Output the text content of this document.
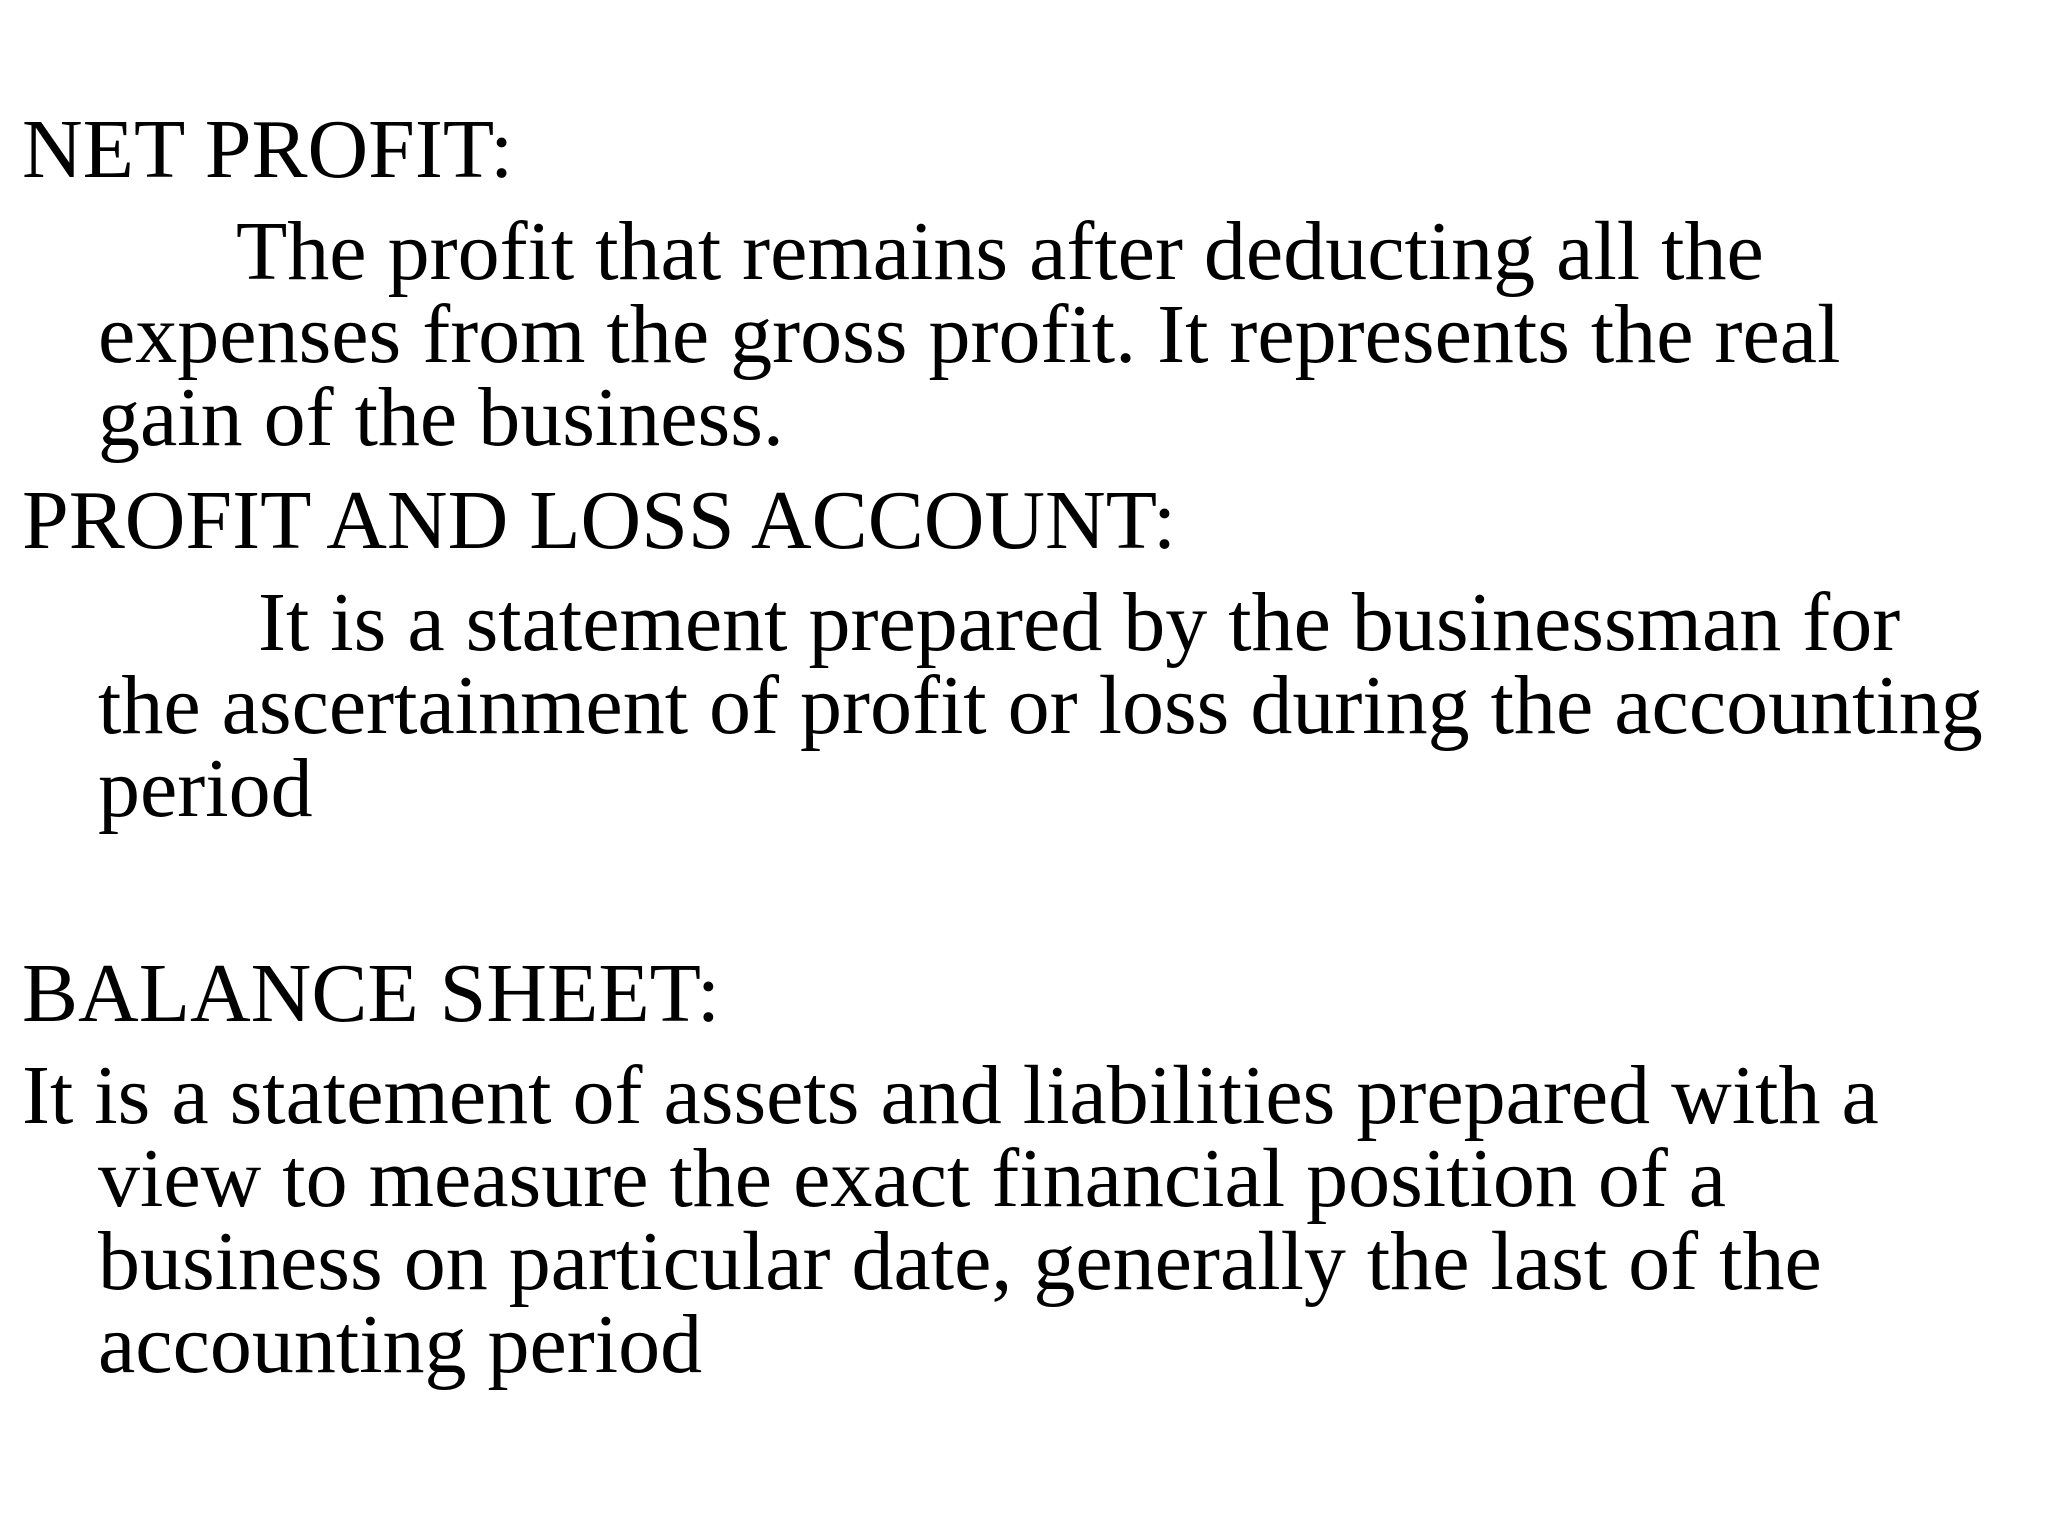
NET PROFIT:

The profit that remains after deducting all the

expenses from the gross profit. It represents the real

gain of the business.

PROFIT AND LOSS ACCOUNT:

It is a statement prepared by the businessman for

the ascertainment of profit or loss during the accounting

period

BALANCE SHEET:

It is a statement of assets and liabilities prepared with a

view to measure the exact financial position of a

business on particular date, generally the last of the

accounting period
